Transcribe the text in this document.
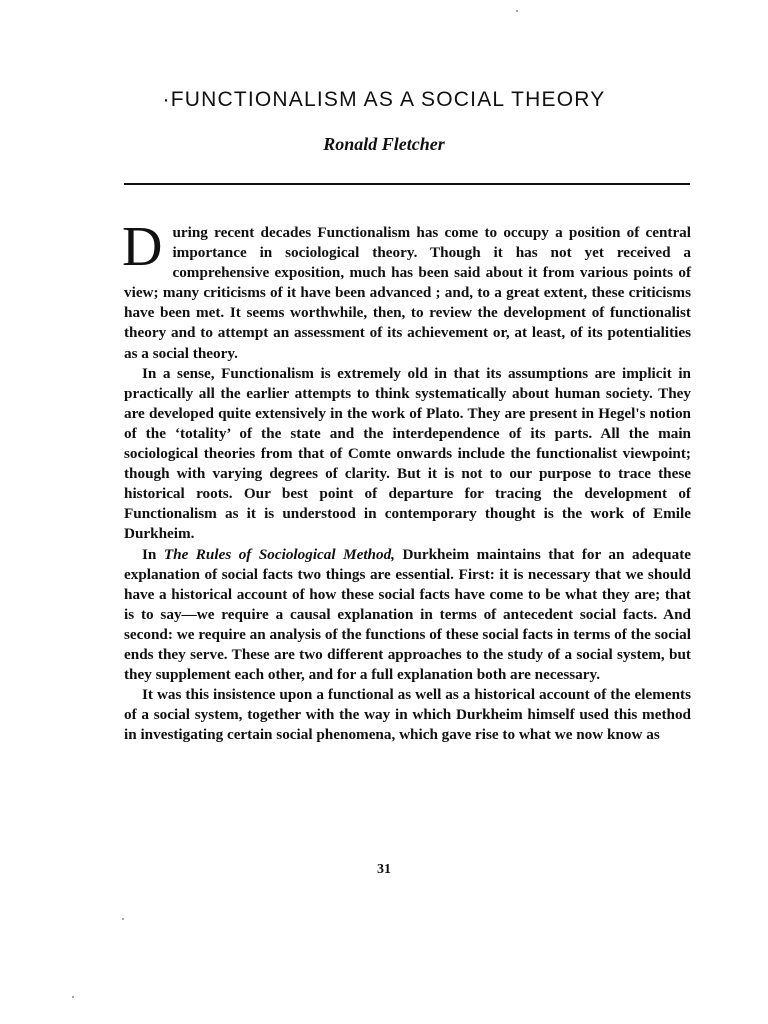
·FUNCTIONALISM AS A SOCIAL THEORY
Ronald Fletcher

During recent decades Functionalism has come to occupy a position of central importance in sociological theory. Though it has not yet received a comprehensive exposition, much has been said about it from various points of view; many criticisms of it have been advanced ; and, to a great extent, these criticisms have been met. It seems worthwhile, then, to review the development of functionalist theory and to attempt an assessment of its achievement or, at least, of its potentialities as a social theory.

In a sense, Functionalism is extremely old in that its assumptions are implicit in practically all the earlier attempts to think systematically about human society. They are developed quite extensively in the work of Plato. They are present in Hegel's notion of the ‘totality’ of the state and the interdependence of its parts. All the main sociological theories from that of Comte onwards include the functionalist viewpoint; though with varying degrees of clarity. But it is not to our purpose to trace these historical roots. Our best point of departure for tracing the development of Functionalism as it is understood in contemporary thought is the work of Emile Durkheim.

In The Rules of Sociological Method, Durkheim maintains that for an adequate explanation of social facts two things are essential. First: it is necessary that we should have a historical account of how these social facts have come to be what they are; that is to say—we require a causal explanation in terms of antecedent social facts. And second: we require an analysis of the functions of these social facts in terms of the social ends they serve. These are two different approaches to the study of a social system, but they supplement each other, and for a full explanation both are necessary.

It was this insistence upon a functional as well as a historical account of the elements of a social system, together with the way in which Durkheim himself used this method in investigating certain social phenomena, which gave rise to what we now know as

31
